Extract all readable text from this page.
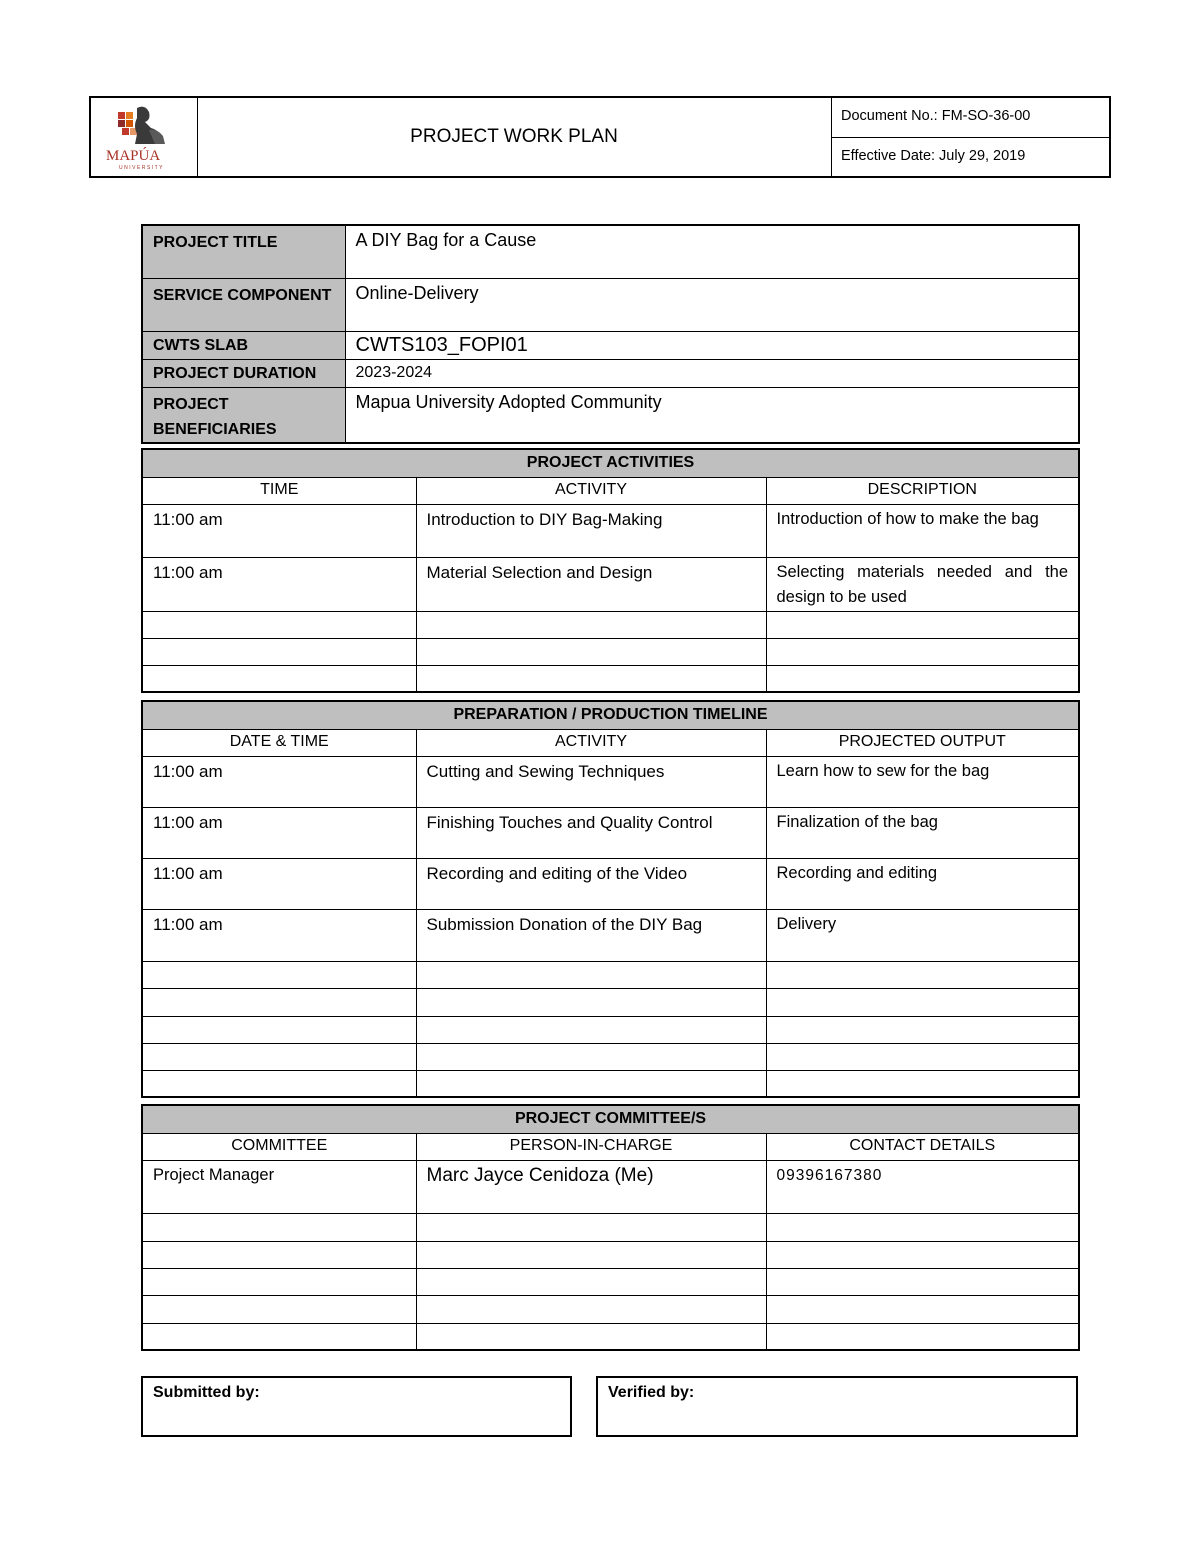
MAPÚA
UNIVERSITY
PROJECT WORK PLAN
Document No.: FM-SO-36-00
Effective Date: July 29, 2019
PROJECT TITLE	A DIY Bag for a Cause
SERVICE COMPONENT	Online-Delivery
CWTS SLAB	CWTS103_FOPI01
PROJECT DURATION	2023-2024
PROJECT BENEFICIARIES	Mapua University Adopted Community
PROJECT ACTIVITIES		
TIME	ACTIVITY	DESCRIPTION
11:00 am	Introduction to DIY Bag-Making	Introduction of how to make the bag
11:00 am	Material Selection and Design	Selecting materials needed and the design to be used

PREPARATION / PRODUCTION TIMELINE		
DATE & TIME	ACTIVITY	PROJECTED OUTPUT
11:00 am	Cutting and Sewing Techniques	Learn how to sew for the bag
11:00 am	Finishing Touches and Quality Control	Finalization of the bag
11:00 am	Recording and editing of the Video	Recording and editing
11:00 am	Submission Donation of the DIY Bag	Delivery

PROJECT COMMITTEE/S		
COMMITTEE	PERSON-IN-CHARGE	CONTACT DETAILS
Project Manager	Marc Jayce Cenidoza (Me)	09396167380

Submitted by:	Verified by:
